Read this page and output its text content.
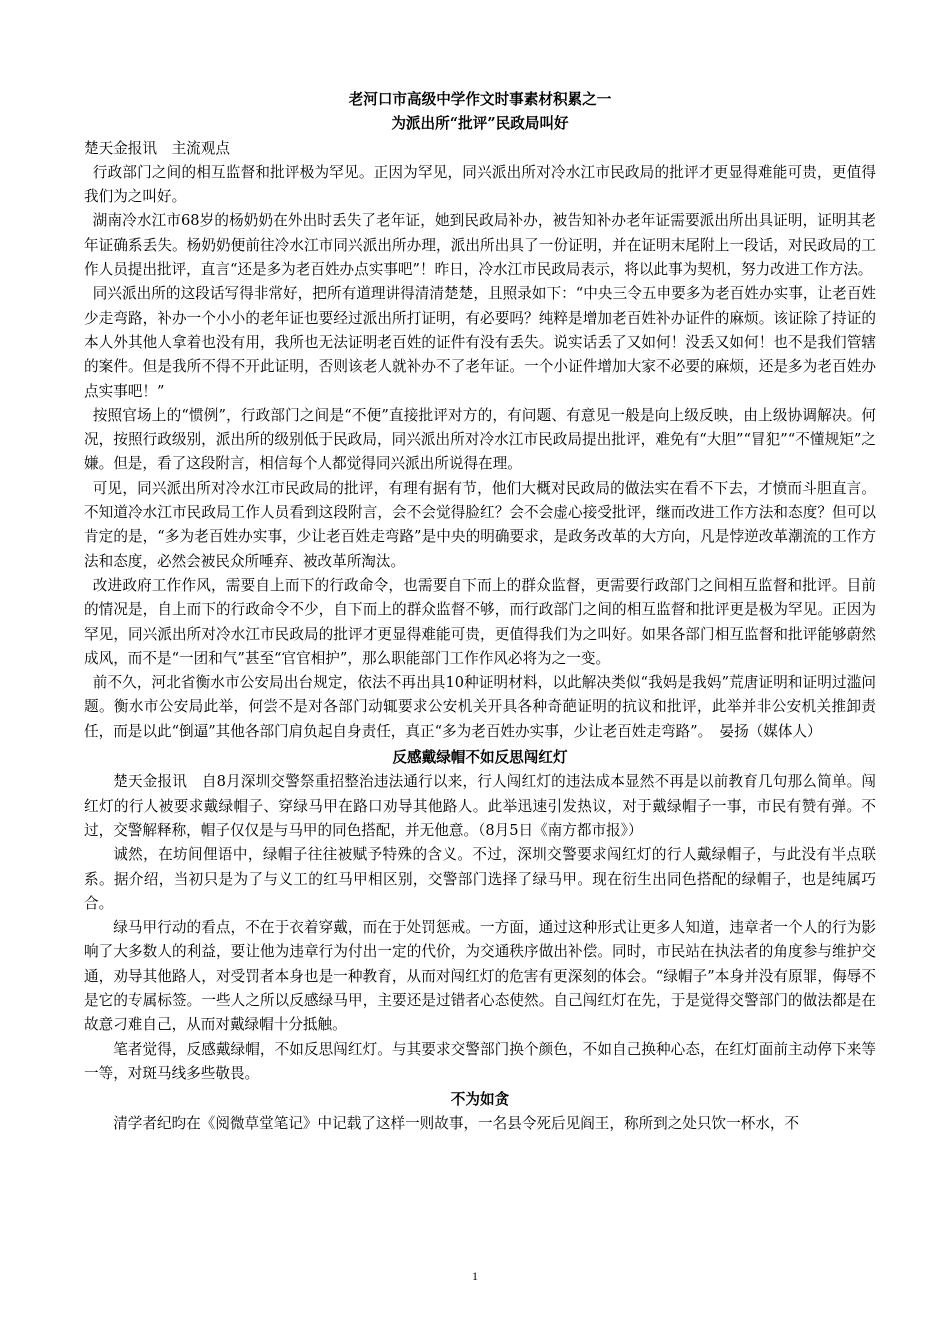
老河口市高级中学作文时事素材积累之一

为派出所“批评”民政局叫好

楚天金报讯　主流观点

行政部门之间的相互监督和批评极为罕见。正因为罕见，同兴派出所对冷水江市民政局的批评才更显得难能可贵，更值得我们为之叫好。

湖南冷水江市68岁的杨奶奶在外出时丢失了老年证，她到民政局补办，被告知补办老年证需要派出所出具证明，证明其老年证确系丢失。杨奶奶便前往冷水江市同兴派出所办理，派出所出具了一份证明，并在证明末尾附上一段话，对民政局的工作人员提出批评，直言“还是多为老百姓办点实事吧”！昨日，冷水江市民政局表示，将以此事为契机，努力改进工作方法。

同兴派出所的这段话写得非常好，把所有道理讲得清清楚楚，且照录如下：“中央三令五申要多为老百姓办实事，让老百姓少走弯路，补办一个小小的老年证也要经过派出所打证明，有必要吗？纯粹是增加老百姓补办证件的麻烦。该证除了持证的本人外其他人拿着也没有用，我所也无法证明老百姓的证件有没有丢失。说实话丢了又如何！没丢又如何！也不是我们管辖的案件。但是我所不得不开此证明，否则该老人就补办不了老年证。一个小证件增加大家不必要的麻烦，还是多为老百姓办点实事吧！”

按照官场上的“惯例”，行政部门之间是“不便”直接批评对方的，有问题、有意见一般是向上级反映，由上级协调解决。何况，按照行政级别，派出所的级别低于民政局，同兴派出所对冷水江市民政局提出批评，难免有“大胆”“冒犯”“不懂规矩”之嫌。但是，看了这段附言，相信每个人都觉得同兴派出所说得在理。

可见，同兴派出所对冷水江市民政局的批评，有理有据有节，他们大概对民政局的做法实在看不下去，才愤而斗胆直言。不知道冷水江市民政局工作人员看到这段附言，会不会觉得脸红？会不会虚心接受批评，继而改进工作方法和态度？但可以肯定的是，“多为老百姓办实事，少让老百姓走弯路”是中央的明确要求，是政务改革的大方向，凡是悖逆改革潮流的工作方法和态度，必然会被民众所唾弃、被改革所淘汰。

改进政府工作作风，需要自上而下的行政命令，也需要自下而上的群众监督，更需要行政部门之间相互监督和批评。目前的情况是，自上而下的行政命令不少，自下而上的群众监督不够，而行政部门之间的相互监督和批评更是极为罕见。正因为罕见，同兴派出所对冷水江市民政局的批评才更显得难能可贵，更值得我们为之叫好。如果各部门相互监督和批评能够蔚然成风，而不是“一团和气”甚至“官官相护”，那么职能部门工作作风必将为之一变。

前不久，河北省衡水市公安局出台规定，依法不再出具10种证明材料，以此解决类似“我妈是我妈”荒唐证明和证明过滥问题。衡水市公安局此举，何尝不是对各部门动辄要求公安机关开具各种奇葩证明的抗议和批评，此举并非公安机关推卸责任，而是以此“倒逼”其他各部门肩负起自身责任，真正“多为老百姓办实事，少让老百姓走弯路”。　晏扬（媒体人）

反感戴绿帽不如反思闯红灯

楚天金报讯　自8月深圳交警祭重招整治违法通行以来，行人闯红灯的违法成本显然不再是以前教育几句那么简单。闯红灯的行人被要求戴绿帽子、穿绿马甲在路口劝导其他路人。此举迅速引发热议，对于戴绿帽子一事，市民有赞有弹。不过，交警解释称，帽子仅仅是与马甲的同色搭配，并无他意。（8月5日《南方都市报》）

诚然，在坊间俚语中，绿帽子往往被赋予特殊的含义。不过，深圳交警要求闯红灯的行人戴绿帽子，与此没有半点联系。据介绍，当初只是为了与义工的红马甲相区别，交警部门选择了绿马甲。现在衍生出同色搭配的绿帽子，也是纯属巧合。

绿马甲行动的看点，不在于衣着穿戴，而在于处罚惩戒。一方面，通过这种形式让更多人知道，违章者一个人的行为影响了大多数人的利益，要让他为违章行为付出一定的代价，为交通秩序做出补偿。同时，市民站在执法者的角度参与维护交通，劝导其他路人，对受罚者本身也是一种教育，从而对闯红灯的危害有更深刻的体会。“绿帽子”本身并没有原罪，侮辱不是它的专属标签。一些人之所以反感绿马甲，主要还是过错者心态使然。自己闯红灯在先，于是觉得交警部门的做法都是在故意刁难自己，从而对戴绿帽十分抵触。

笔者觉得，反感戴绿帽，不如反思闯红灯。与其要求交警部门换个颜色，不如自己换种心态，在红灯面前主动停下来等一等，对斑马线多些敬畏。

不为如贪

清学者纪昀在《阅微草堂笔记》中记载了这样一则故事，一名县令死后见阎王，称所到之处只饮一杯水，不

1
